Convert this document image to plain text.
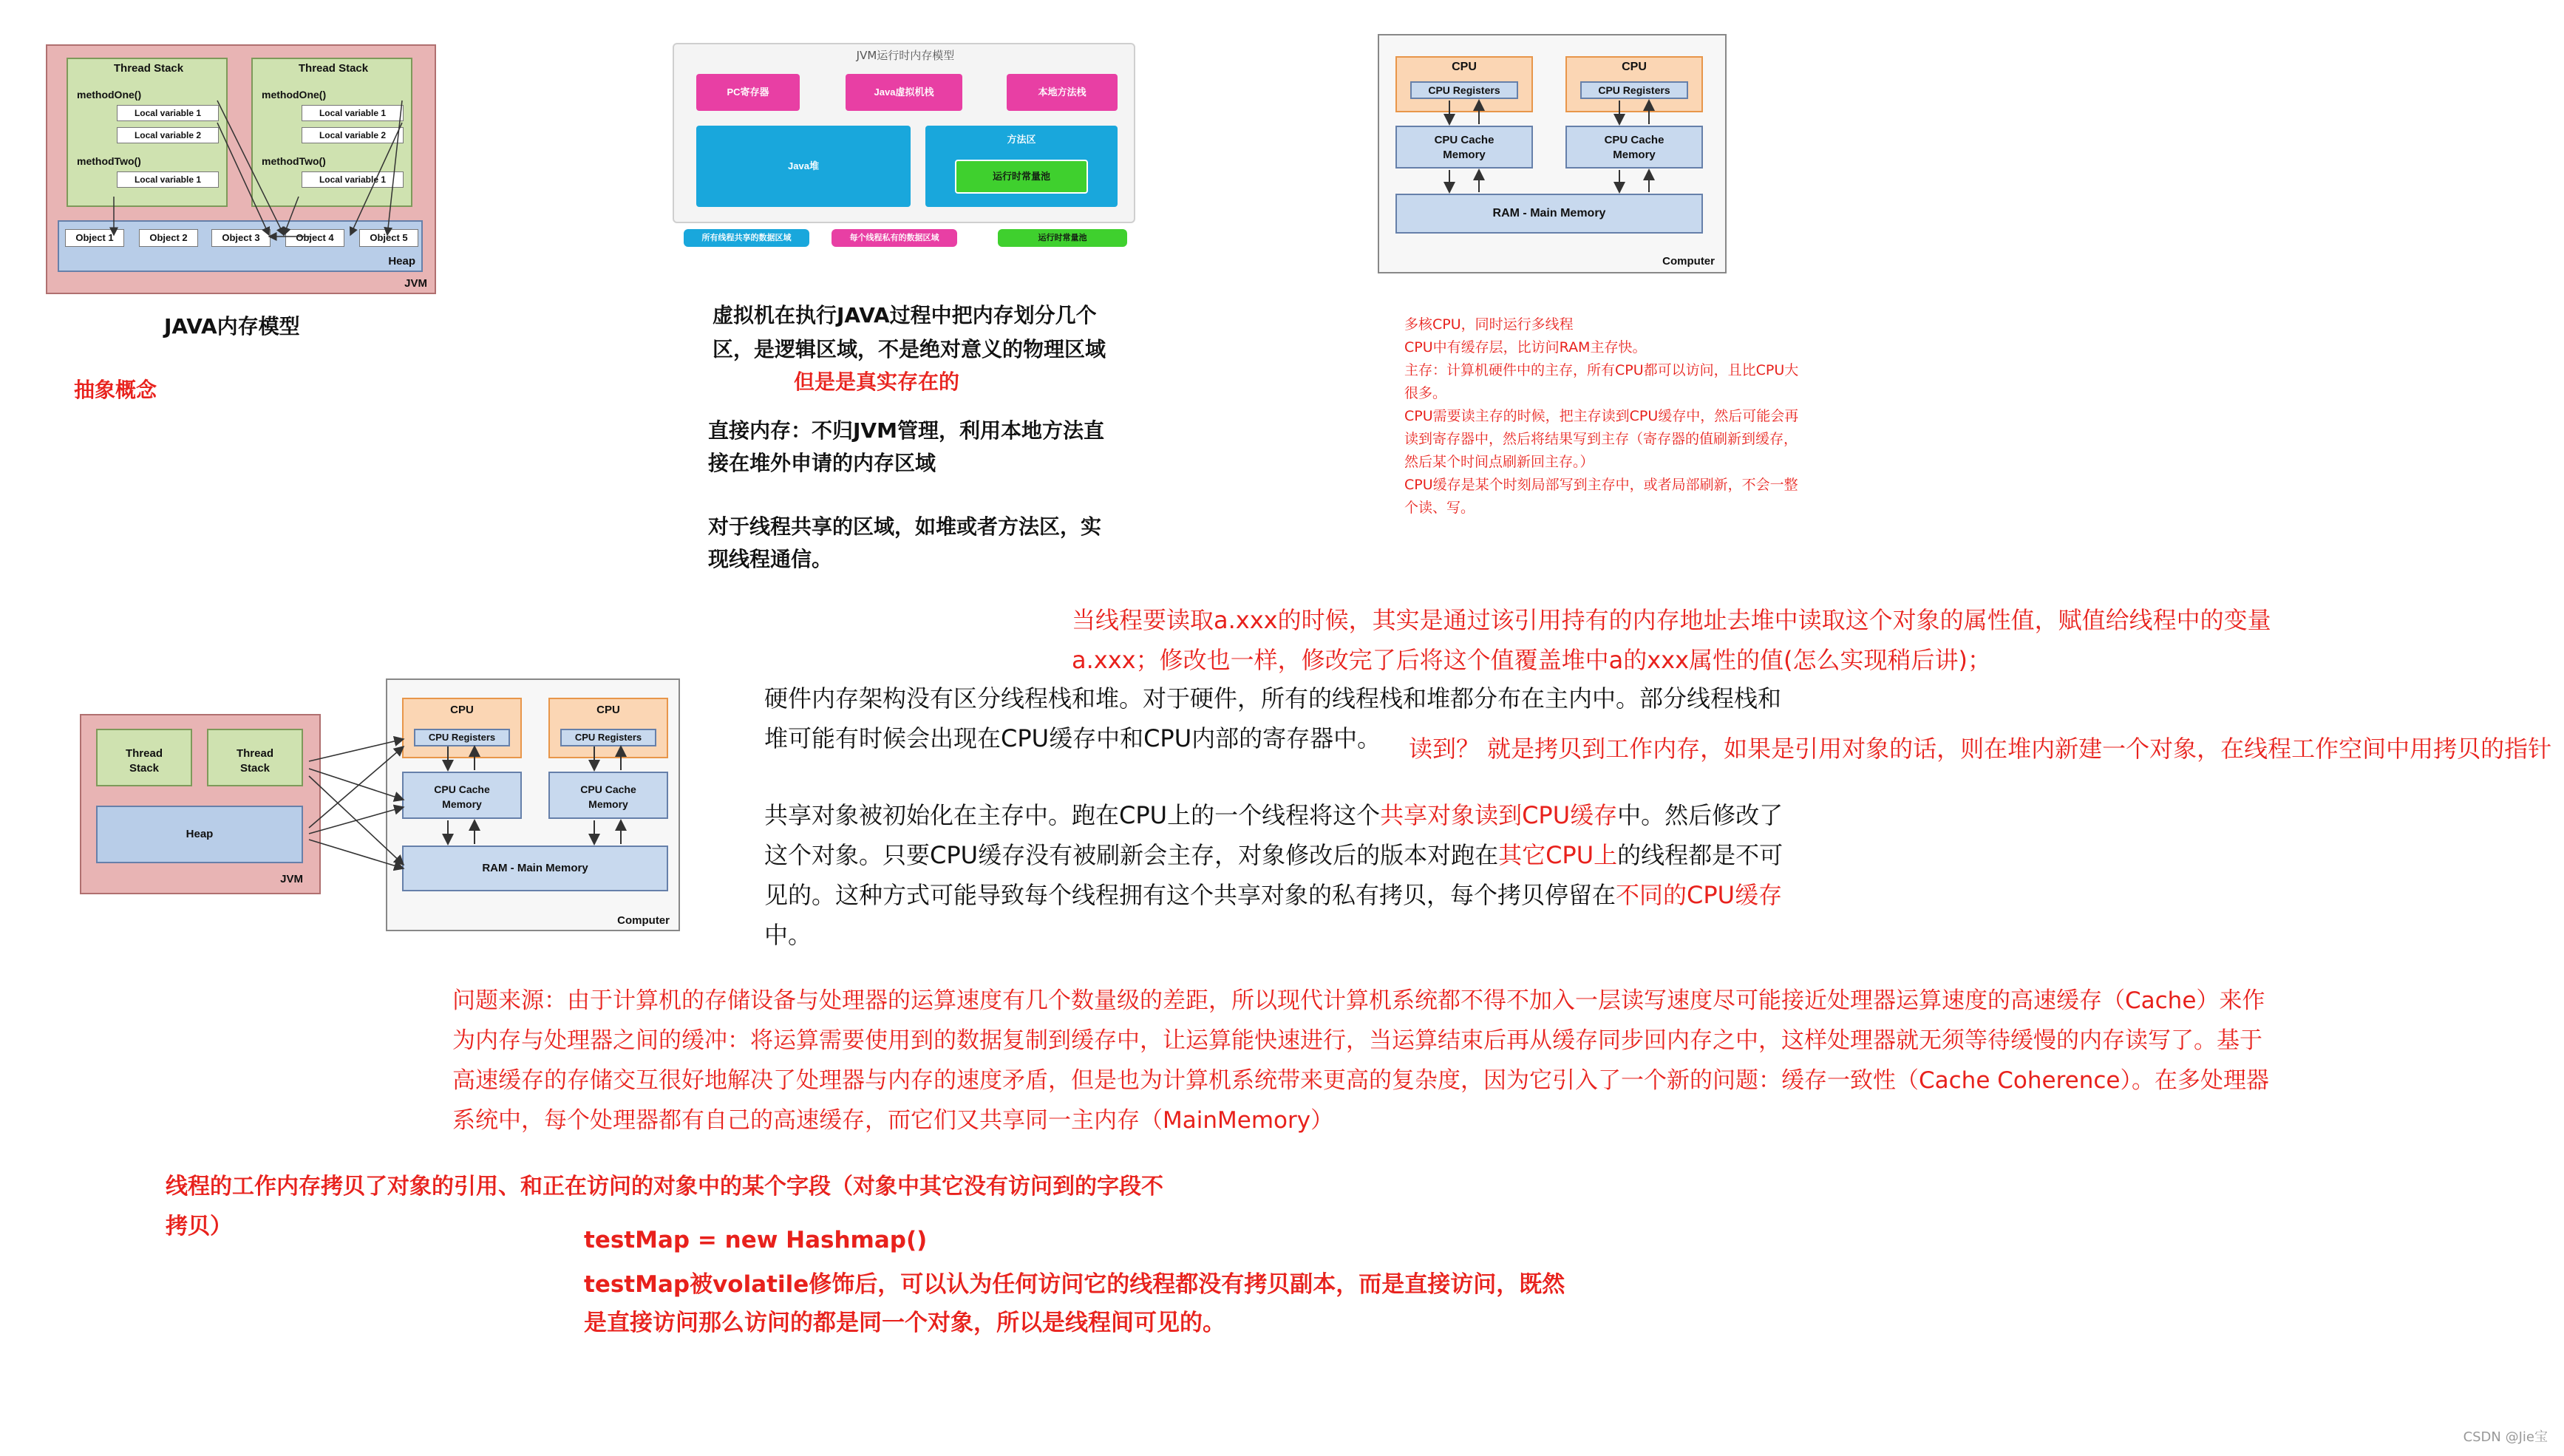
Thread Stack
methodOne()
Local variable 1
Local variable 2
methodTwo()
Local variable 1
Thread Stack
methodOne()
Local variable 1
Local variable 2
methodTwo()
Local variable 1
Object 1	Object 2	Object 3	Object 4	Object 5
Heap
JVM
JAVA内存模型
抽象概念
JVM运行时内存模型
PC寄存器	Java虚拟机栈	本地方法栈
Java堆
方法区
运行时常量池
所有线程共享的数据区域	每个线程私有的数据区域	运行时常量池
虚拟机在执行JAVA过程中把内存划分几个
区，是逻辑区域，不是绝对意义的物理区域
但是是真实存在的
直接内存：不归JVM管理，利用本地方法直
接在堆外申请的内存区域
对于线程共享的区域，如堆或者方法区，实
现线程通信。
CPU
CPU Registers
CPU
CPU Registers
CPU Cache Memory
CPU Cache Memory
RAM - Main Memory
Computer
多核CPU，同时运行多线程
CPU中有缓存层，比访问RAM主存快。
主存：计算机硬件中的主存，所有CPU都可以访问，且比CPU大
很多。
CPU需要读主存的时候，把主存读到CPU缓存中，然后可能会再
读到寄存器中，然后将结果写到主存（寄存器的值刷新到缓存，
然后某个时间点刷新回主存。）
CPU缓存是某个时刻局部写到主存中，或者局部刷新，不会一整
个读、写。
当线程要读取a.xxx的时候，其实是通过该引用持有的内存地址去堆中读取这个对象的属性值，赋值给线程中的变量
a.xxx；修改也一样，修改完了后将这个值覆盖堆中a的xxx属性的值(怎么实现稍后讲)；
读到？ 就是拷贝到工作内存，如果是引用对象的话，则在堆内新建一个对象，在线程工作空间中用拷贝的指针
Thread Stack
Thread Stack
Heap
JVM
CPU
CPU Registers
CPU
CPU Registers
CPU Cache Memory
CPU Cache Memory
RAM - Main Memory
Computer
硬件内存架构没有区分线程栈和堆。对于硬件，所有的线程栈和堆都分布在主内中。部分线程栈和
堆可能有时候会出现在CPU缓存中和CPU内部的寄存器中。
共享对象被初始化在主存中。跑在CPU上的一个线程将这个共享对象读到CPU缓存中。然后修改了
这个对象。只要CPU缓存没有被刷新会主存，对象修改后的版本对跑在其它CPU上的线程都是不可
见的。这种方式可能导致每个线程拥有这个共享对象的私有拷贝，每个拷贝停留在不同的CPU缓存
中。
问题来源：由于计算机的存储设备与处理器的运算速度有几个数量级的差距，所以现代计算机系统都不得不加入一层读写速度尽可能接近处理器运算速度的高速缓存（Cache）来作
为内存与处理器之间的缓冲：将运算需要使用到的数据复制到缓存中，让运算能快速进行，当运算结束后再从缓存同步回内存之中，这样处理器就无须等待缓慢的内存读写了。基于
高速缓存的存储交互很好地解决了处理器与内存的速度矛盾，但是也为计算机系统带来更高的复杂度，因为它引入了一个新的问题：缓存一致性（Cache Coherence）。在多处理器
系统中，每个处理器都有自己的高速缓存，而它们又共享同一主内存（MainMemory）
线程的工作内存拷贝了对象的引用、和正在访问的对象中的某个字段（对象中其它没有访问到的字段不
拷贝）
testMap = new Hashmap()
testMap被volatile修饰后，可以认为任何访问它的线程都没有拷贝副本，而是直接访问，既然
是直接访问那么访问的都是同一个对象，所以是线程间可见的。
CSDN @Jie宝
